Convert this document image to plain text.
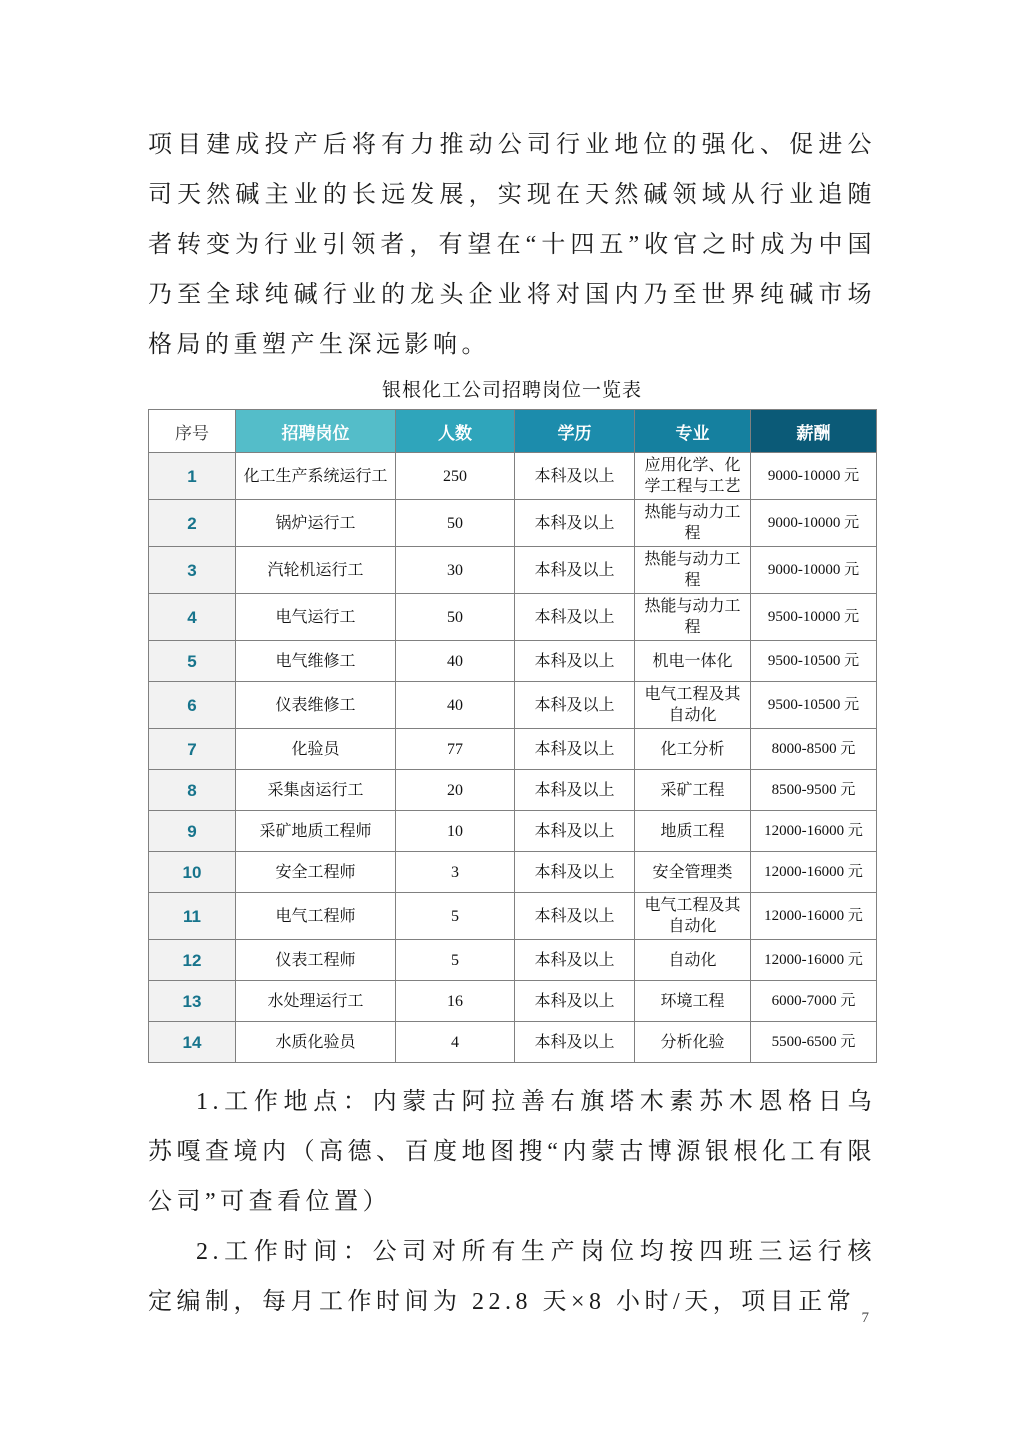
项目建成投产后将有力推动公司行业地位的强化、促进公司天然碱主业的长远发展，实现在天然碱领域从行业追随者转变为行业引领者，有望在“十四五”收官之时成为中国乃至全球纯碱行业的龙头企业将对国内乃至世界纯碱市场格局的重塑产生深远影响。

银根化工公司招聘岗位一览表
序号	招聘岗位	人数	学历	专业	薪酬
1	化工生产系统运行工	250	本科及以上	应用化学、化学工程与工艺	9000-10000 元
2	锅炉运行工	50	本科及以上	热能与动力工程	9000-10000 元
3	汽轮机运行工	30	本科及以上	热能与动力工程	9000-10000 元
4	电气运行工	50	本科及以上	热能与动力工程	9500-10000 元
5	电气维修工	40	本科及以上	机电一体化	9500-10500 元
6	仪表维修工	40	本科及以上	电气工程及其自动化	9500-10500 元
7	化验员	77	本科及以上	化工分析	8000-8500 元
8	采集卤运行工	20	本科及以上	采矿工程	8500-9500 元
9	采矿地质工程师	10	本科及以上	地质工程	12000-16000 元
10	安全工程师	3	本科及以上	安全管理类	12000-16000 元
11	电气工程师	5	本科及以上	电气工程及其自动化	12000-16000 元
12	仪表工程师	5	本科及以上	自动化	12000-16000 元
13	水处理运行工	16	本科及以上	环境工程	6000-7000 元
14	水质化验员	4	本科及以上	分析化验	5500-6500 元

1.工作地点：内蒙古阿拉善右旗塔木素苏木恩格日乌苏嘎查境内（高德、百度地图搜“内蒙古博源银根化工有限公司”可查看位置）

2.工作时间：公司对所有生产岗位均按四班三运行核定编制，每月工作时间为 22.8 天×8 小时/天，项目正常

7
